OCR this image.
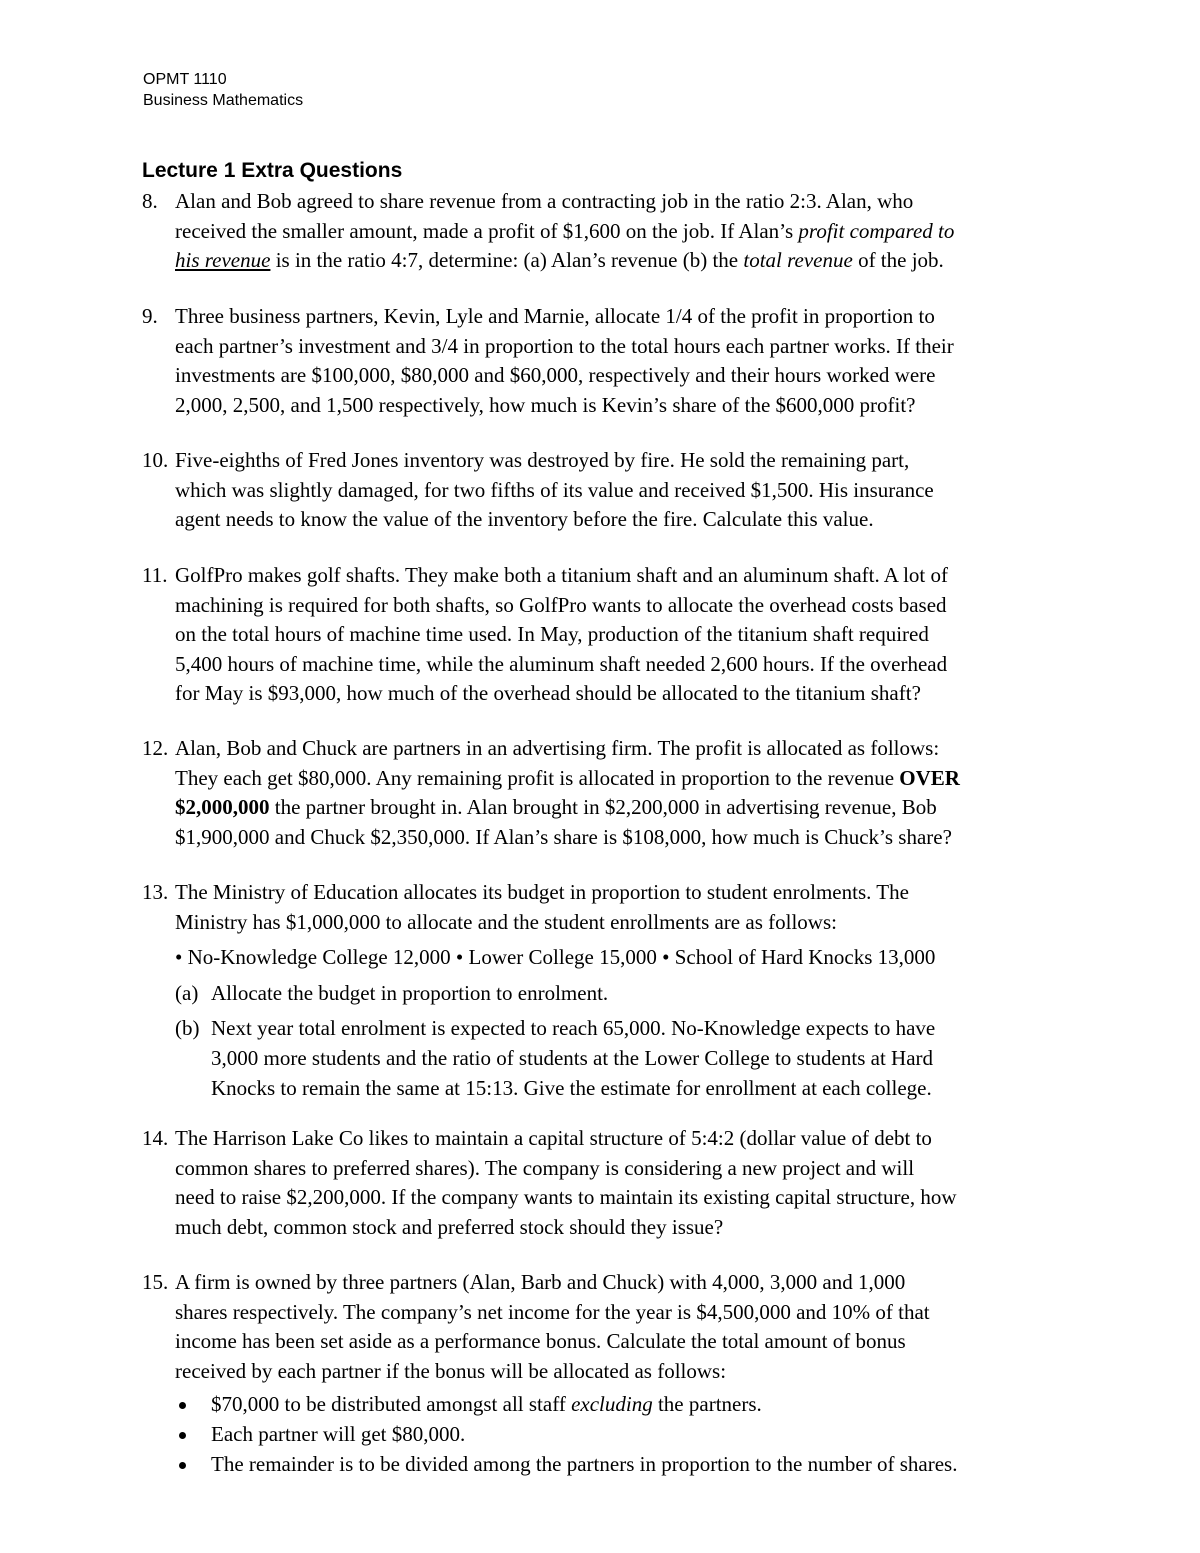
OPMT 1110
Business Mathematics
Lecture 1 Extra Questions
8. Alan and Bob agreed to share revenue from a contracting job in the ratio 2:3. Alan, who
received the smaller amount, made a profit of $1,600 on the job. If Alan’s profit compared to
his revenue is in the ratio 4:7, determine: (a) Alan’s revenue (b) the total revenue of the job.
9. Three business partners, Kevin, Lyle and Marnie, allocate 1/4 of the profit in proportion to
each partner’s investment and 3/4 in proportion to the total hours each partner works. If their
investments are $100,000, $80,000 and $60,000, respectively and their hours worked were
2,000, 2,500, and 1,500 respectively, how much is Kevin’s share of the $600,000 profit?
10. Five-eighths of Fred Jones inventory was destroyed by fire. He sold the remaining part,
which was slightly damaged, for two fifths of its value and received $1,500. His insurance
agent needs to know the value of the inventory before the fire. Calculate this value.
11. GolfPro makes golf shafts. They make both a titanium shaft and an aluminum shaft. A lot of
machining is required for both shafts, so GolfPro wants to allocate the overhead costs based
on the total hours of machine time used. In May, production of the titanium shaft required
5,400 hours of machine time, while the aluminum shaft needed 2,600 hours. If the overhead
for May is $93,000, how much of the overhead should be allocated to the titanium shaft?
12. Alan, Bob and Chuck are partners in an advertising firm. The profit is allocated as follows:
They each get $80,000. Any remaining profit is allocated in proportion to the revenue OVER
$2,000,000 the partner brought in. Alan brought in $2,200,000 in advertising revenue, Bob
$1,900,000 and Chuck $2,350,000. If Alan’s share is $108,000, how much is Chuck’s share?
13. The Ministry of Education allocates its budget in proportion to student enrolments. The
Ministry has $1,000,000 to allocate and the student enrollments are as follows:
• No-Knowledge College 12,000 • Lower College 15,000 • School of Hard Knocks 13,000
(a) Allocate the budget in proportion to enrolment.
(b) Next year total enrolment is expected to reach 65,000. No-Knowledge expects to have
3,000 more students and the ratio of students at the Lower College to students at Hard
Knocks to remain the same at 15:13. Give the estimate for enrollment at each college.
14. The Harrison Lake Co likes to maintain a capital structure of 5:4:2 (dollar value of debt to
common shares to preferred shares). The company is considering a new project and will
need to raise $2,200,000. If the company wants to maintain its existing capital structure, how
much debt, common stock and preferred stock should they issue?
15. A firm is owned by three partners (Alan, Barb and Chuck) with 4,000, 3,000 and 1,000
shares respectively. The company’s net income for the year is $4,500,000 and 10% of that
income has been set aside as a performance bonus. Calculate the total amount of bonus
received by each partner if the bonus will be allocated as follows:
$70,000 to be distributed amongst all staff excluding the partners.
Each partner will get $80,000.
The remainder is to be divided among the partners in proportion to the number of shares.
